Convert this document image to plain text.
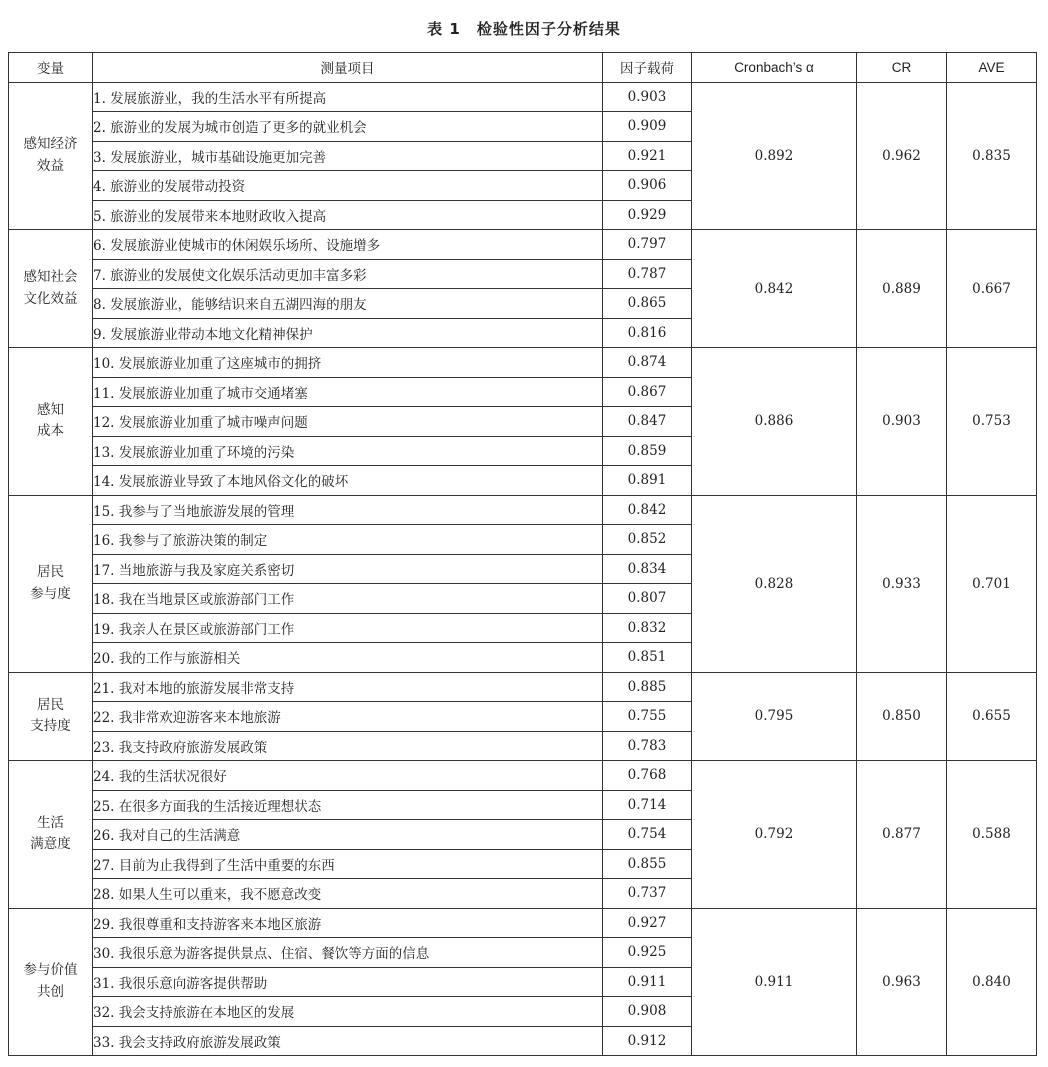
表 1　检验性因子分析结果
变量	测量项目	因子载荷	Cronbach’s α	CR	AVE

感知经济
效益	1. 发展旅游业，我的生活水平有所提高	0.903	0.892	0.962	0.835
	2. 旅游业的发展为城市创造了更多的就业机会	0.909			
	3. 发展旅游业，城市基础设施更加完善	0.921			
	4. 旅游业的发展带动投资	0.906			
	5. 旅游业的发展带来本地财政收入提高	0.929			

感知社会
文化效益	6. 发展旅游业使城市的休闲娱乐场所、设施增多	0.797	0.842	0.889	0.667
	7. 旅游业的发展使文化娱乐活动更加丰富多彩	0.787			
	8. 发展旅游业，能够结识来自五湖四海的朋友	0.865			
	9. 发展旅游业带动本地文化精神保护	0.816			

感知
成本	10. 发展旅游业加重了这座城市的拥挤	0.874	0.886	0.903	0.753
	11. 发展旅游业加重了城市交通堵塞	0.867			
	12. 发展旅游业加重了城市噪声问题	0.847			
	13. 发展旅游业加重了环境的污染	0.859			
	14. 发展旅游业导致了本地风俗文化的破坏	0.891			

居民
参与度	15. 我参与了当地旅游发展的管理	0.842	0.828	0.933	0.701
	16. 我参与了旅游决策的制定	0.852			
	17. 当地旅游与我及家庭关系密切	0.834			
	18. 我在当地景区或旅游部门工作	0.807			
	19. 我亲人在景区或旅游部门工作	0.832			
	20. 我的工作与旅游相关	0.851			

居民
支持度	21. 我对本地的旅游发展非常支持	0.885	0.795	0.850	0.655
	22. 我非常欢迎游客来本地旅游	0.755			
	23. 我支持政府旅游发展政策	0.783			

生活
满意度	24. 我的生活状况很好	0.768	0.792	0.877	0.588
	25. 在很多方面我的生活接近理想状态	0.714			
	26. 我对自己的生活满意	0.754			
	27. 目前为止我得到了生活中重要的东西	0.855			
	28. 如果人生可以重来，我不愿意改变	0.737			

参与价值
共创	29. 我很尊重和支持游客来本地区旅游	0.927	0.911	0.963	0.840
	30. 我很乐意为游客提供景点、住宿、餐饮等方面的信息	0.925			
	31. 我很乐意向游客提供帮助	0.911			
	32. 我会支持旅游在本地区的发展	0.908			
	33. 我会支持政府旅游发展政策	0.912			
